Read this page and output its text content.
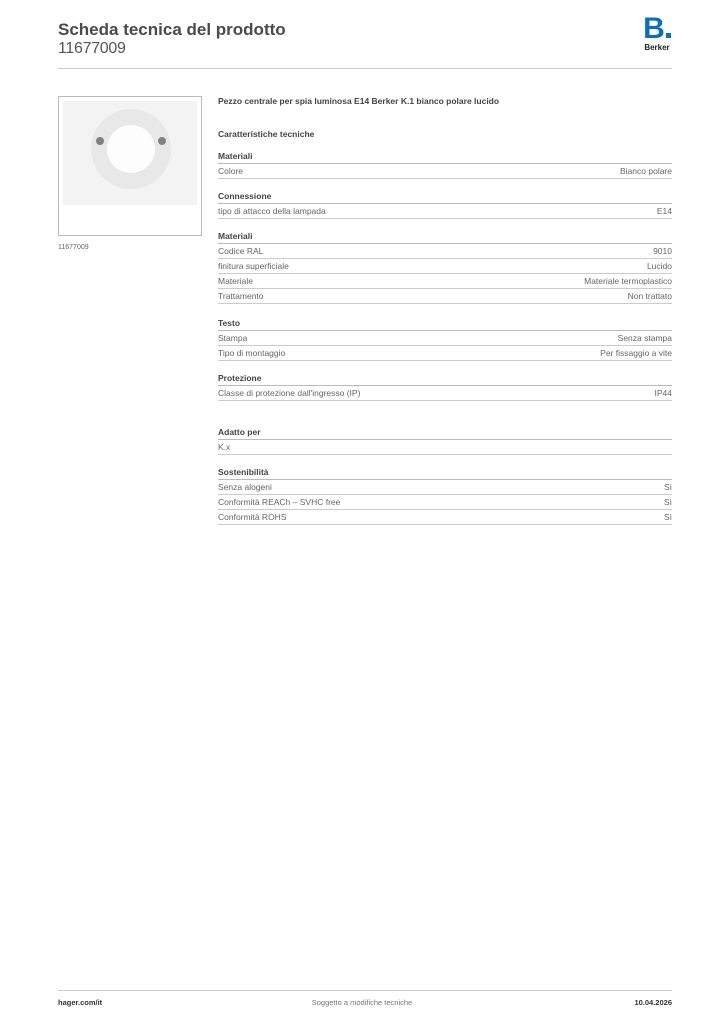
Scheda tecnica del prodotto
11677009
B
Berker
11677009
Pezzo centrale per spia luminosa E14 Berker K.1 bianco polare lucido
Caratteristiche tecniche
Materiali
Colore	Bianco polare
Connessione
tipo di attacco della lampada	E14
Materiali
Codice RAL	9010
finitura superficiale	Lucido
Materiale	Materiale termoplastico
Trattamento	Non trattato
Testo
Stampa	Senza stampa
Tipo di montaggio	Per fissaggio a vite
Protezione
Classe di protezione dall'ingresso (IP)	IP44
Adatto per
K.x
Sostenibilità
Senza alogeni	Sì
Conformità REACh – SVHC free	Sì
Conformità ROHS	Sì
hager.com/it	Soggetto a modifiche tecniche	10.04.2026
